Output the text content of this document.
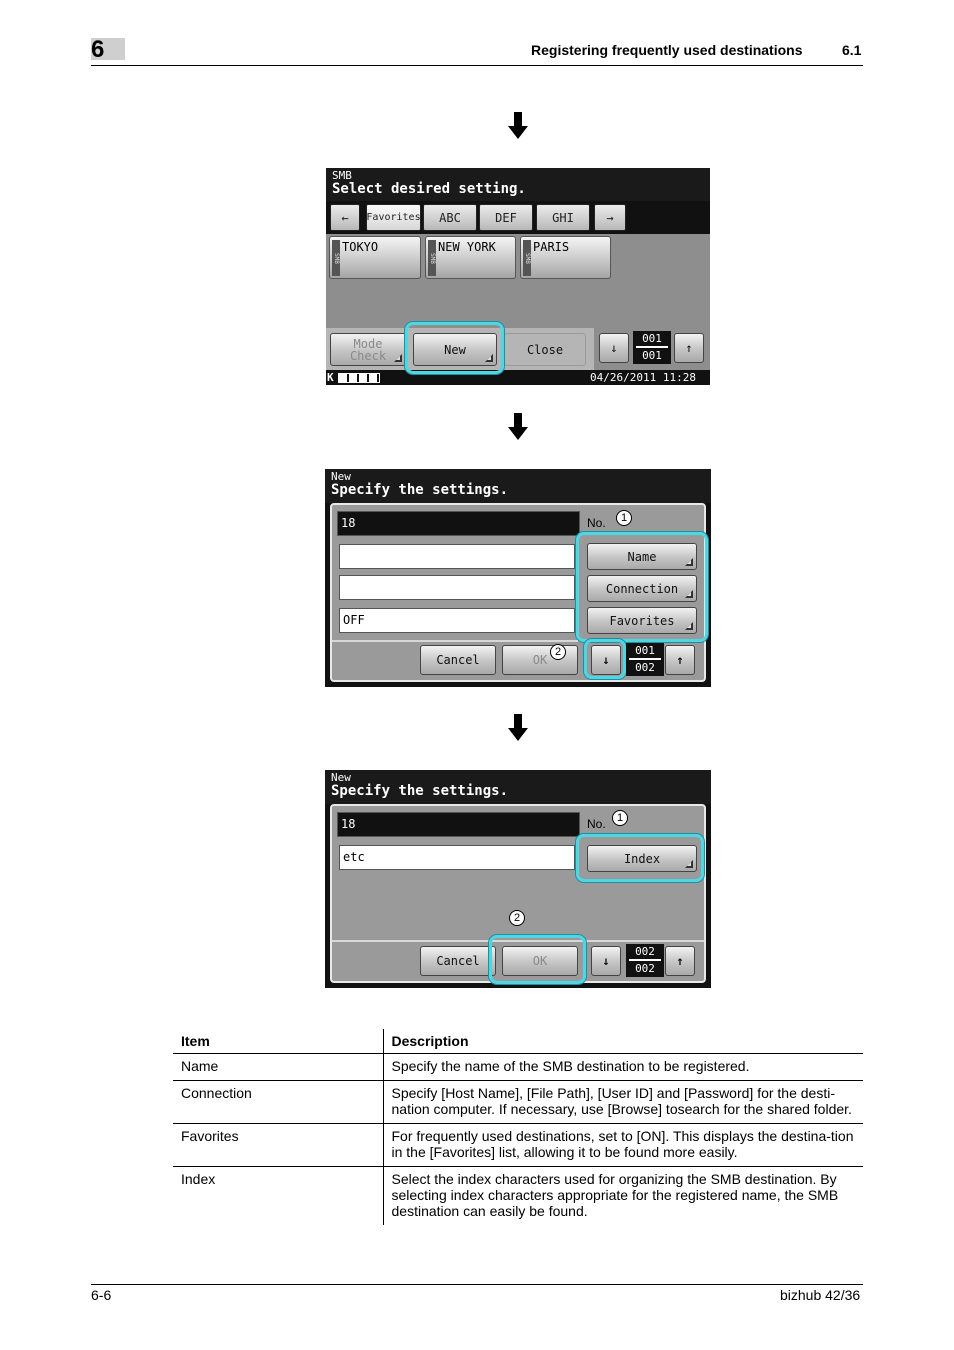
6	Registering frequently used destinations	6.1
SMB
Select desired setting.
← Favorites	ABC	DEF	GHI	→
SMB
TOKYO
SMB
NEW YORK
SMB
PARIS
Mode Check	New	Close	↓
001
001
↑
K	04/26/2011 11:28
New
Specify the settings.
18	No.	1
OFF
Name
Connection
Favorites
Cancel	OK
2
↓
001
002
↑
New
Specify the settings.
18	No.	1
etc	Index
2
Cancel	OK	↓
002
002
↑
Item	Description
Name	Specify the name of the SMB destination to be registered.
Connection	Specify [Host Name], [File Path], [User ID] and [Password] for the desti-nation computer. If necessary, use [Browse] tosearch for the shared folder.
Favorites	For frequently used destinations, set to [ON]. This displays the destina-tion in the [Favorites] list, allowing it to be found more easily.
Index	Select the index characters used for organizing the SMB destination. By selecting index characters appropriate for the registered name, the SMB destination can easily be found.
6-6	bizhub 42/36
